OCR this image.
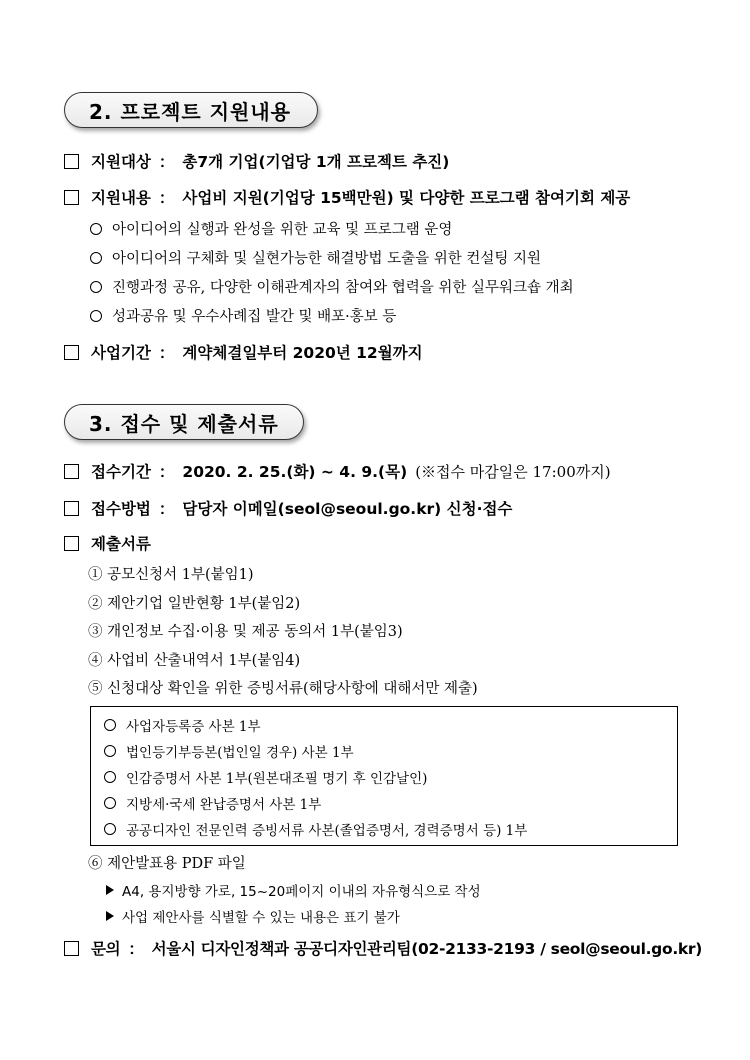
2. 프로젝트 지원내용
지원대상 ： 총7개 기업(기업당 1개 프로젝트 추진)
지원내용 ： 사업비 지원(기업당 15백만원) 및 다양한 프로그램 참여기회 제공
아이디어의 실행과 완성을 위한 교육 및 프로그램 운영
아이디어의 구체화 및 실현가능한 해결방법 도출을 위한 컨설팅 지원
진행과정 공유, 다양한 이해관계자의 참여와 협력을 위한 실무워크숍 개최
성과공유 및 우수사례집 발간 및 배포·홍보 등
사업기간 ： 계약체결일부터 2020년 12월까지
3. 접수 및 제출서류
접수기간 ： 2020. 2. 25.(화) ~ 4. 9.(목) (※접수 마감일은 17:00까지)
접수방법 ： 담당자 이메일(seol@seoul.go.kr) 신청·접수
제출서류
① 공모신청서 1부(붙임1)
② 제안기업 일반현황 1부(붙임2)
③ 개인정보 수집·이용 및 제공 동의서 1부(붙임3)
④ 사업비 산출내역서 1부(붙임4)
⑤ 신청대상 확인을 위한 증빙서류(해당사항에 대해서만 제출)
사업자등록증 사본 1부
법인등기부등본(법인일 경우) 사본 1부
인감증명서 사본 1부(원본대조필 명기 후 인감날인)
지방세·국세 완납증명서 사본 1부
공공디자인 전문인력 증빙서류 사본(졸업증명서, 경력증명서 등) 1부
⑥ 제안발표용 PDF 파일
A4, 용지방향 가로, 15~20페이지 이내의 자유형식으로 작성
사업 제안사를 식별할 수 있는 내용은 표기 불가
문의 ： 서울시 디자인정책과 공공디자인관리팀(02-2133-2193 / seol@seoul.go.kr)
